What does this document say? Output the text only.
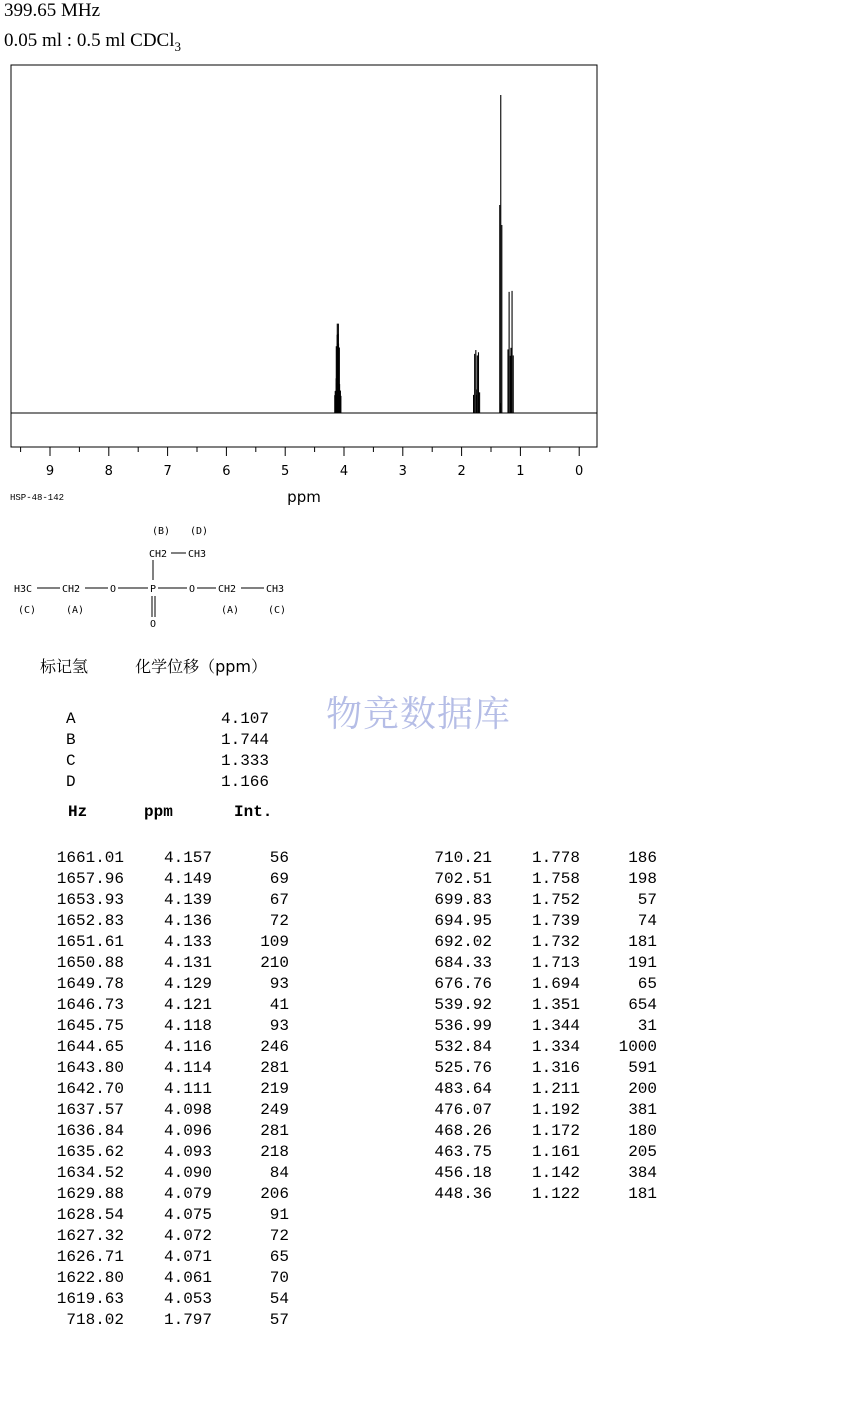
399.65 MHz
0.05 ml : 0.5 ml CDCl$_3$
9	8	7	6	5	4	3	2	1	0
ppm
HSP-48-142
(B) (D)
CH2 CH3
H3C	CH2	O	P	O CH2	CH3
O
(C)	(A)	(A)	(C)
标记氢	化学位移（ppm）
物竞数据库
A	4.107
B	1.744
C	1.333
D	1.166
Hz	ppm	Int.
1661.01	4.157	56
1657.96	4.149	69
1653.93	4.139	67
1652.83	4.136	72
1651.61	4.133	109
1650.88	4.131	210
1649.78	4.129	93
1646.73	4.121	41
1645.75	4.118	93
1644.65	4.116	246
1643.80	4.114	281
1642.70	4.111	219
1637.57	4.098	249
1636.84	4.096	281
1635.62	4.093	218
1634.52	4.090	84
1629.88	4.079	206
1628.54	4.075	91
1627.32	4.072	72
1626.71	4.071	65
1622.80	4.061	70
1619.63	4.053	54
718.02	1.797	57
710.21	1.778	186
702.51	1.758	198
699.83	1.752	57
694.95	1.739	74
692.02	1.732	181
684.33	1.713	191
676.76	1.694	65
539.92	1.351	654
536.99	1.344	31
532.84	1.334	1000
525.76	1.316	591
483.64	1.211	200
476.07	1.192	381
468.26	1.172	180
463.75	1.161	205
456.18	1.142	384
448.36	1.122	181
